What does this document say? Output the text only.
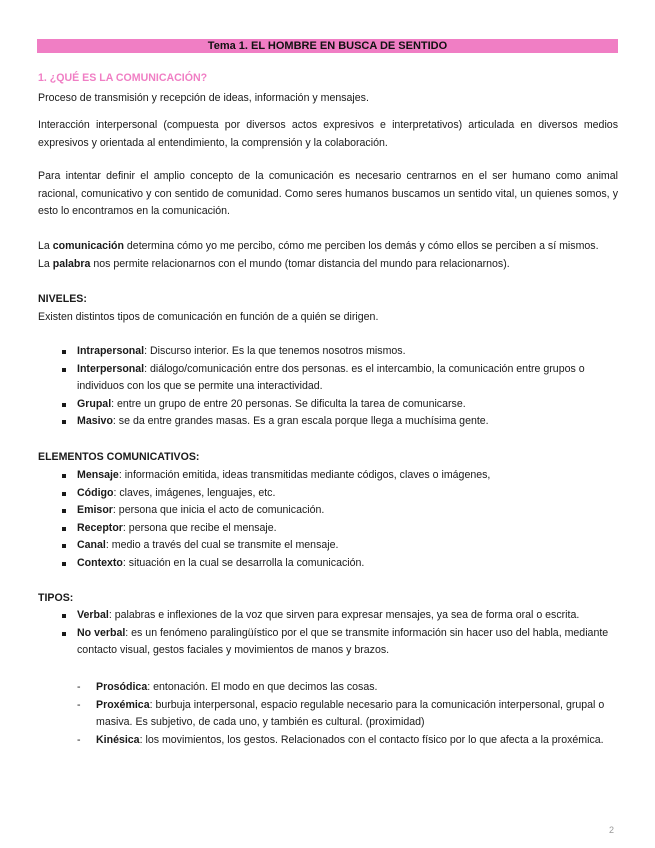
Tema 1. EL HOMBRE EN BUSCA DE SENTIDO

1. ¿QUÉ ES LA COMUNICACIÓN?

Proceso de transmisión y recepción de ideas, información y mensajes.

Interacción interpersonal (compuesta por diversos actos expresivos e interpretativos) articulada en diversos medios expresivos y orientada al entendimiento, la comprensión y la colaboración.

Para intentar definir el amplio concepto de la comunicación es necesario centrarnos en el ser humano como animal racional, comunicativo y con sentido de comunidad. Como seres humanos buscamos un sentido vital, un quienes somos, y esto lo encontramos en la comunicación.

La comunicación determina cómo yo me percibo, cómo me perciben los demás y cómo ellos se perciben a sí mismos.
La palabra nos permite relacionarnos con el mundo (tomar distancia del mundo para relacionarnos).

NIVELES:

Existen distintos tipos de comunicación en función de a quién se dirigen.

Intrapersonal: Discurso interior. Es la que tenemos nosotros mismos.
Interpersonal: diálogo/comunicación entre dos personas. es el intercambio, la comunicación entre grupos o individuos con los que se permite una interactividad.
Grupal: entre un grupo de entre 20 personas. Se dificulta la tarea de comunicarse.
Masivo: se da entre grandes masas. Es a gran escala porque llega a muchísima gente.

ELEMENTOS COMUNICATIVOS:

Mensaje: información emitida, ideas transmitidas mediante códigos, claves o imágenes,
Código: claves, imágenes, lenguajes, etc.
Emisor: persona que inicia el acto de comunicación.
Receptor: persona que recibe el mensaje.
Canal: medio a través del cual se transmite el mensaje.
Contexto: situación en la cual se desarrolla la comunicación.

TIPOS:

Verbal: palabras e inflexiones de la voz que sirven para expresar mensajes, ya sea de forma oral o escrita.
No verbal: es un fenómeno paralingüístico por el que se transmite información sin hacer uso del habla, mediante contacto visual, gestos faciales y movimientos de manos y brazos.
- Prosódica: entonación. El modo en que decimos las cosas.
- Proxémica: burbuja interpersonal, espacio regulable necesario para la comunicación interpersonal, grupal o masiva. Es subjetivo, de cada uno, y también es cultural. (proximidad)
- Kinésica: los movimientos, los gestos. Relacionados con el contacto físico por lo que afecta a la proxémica.
2
